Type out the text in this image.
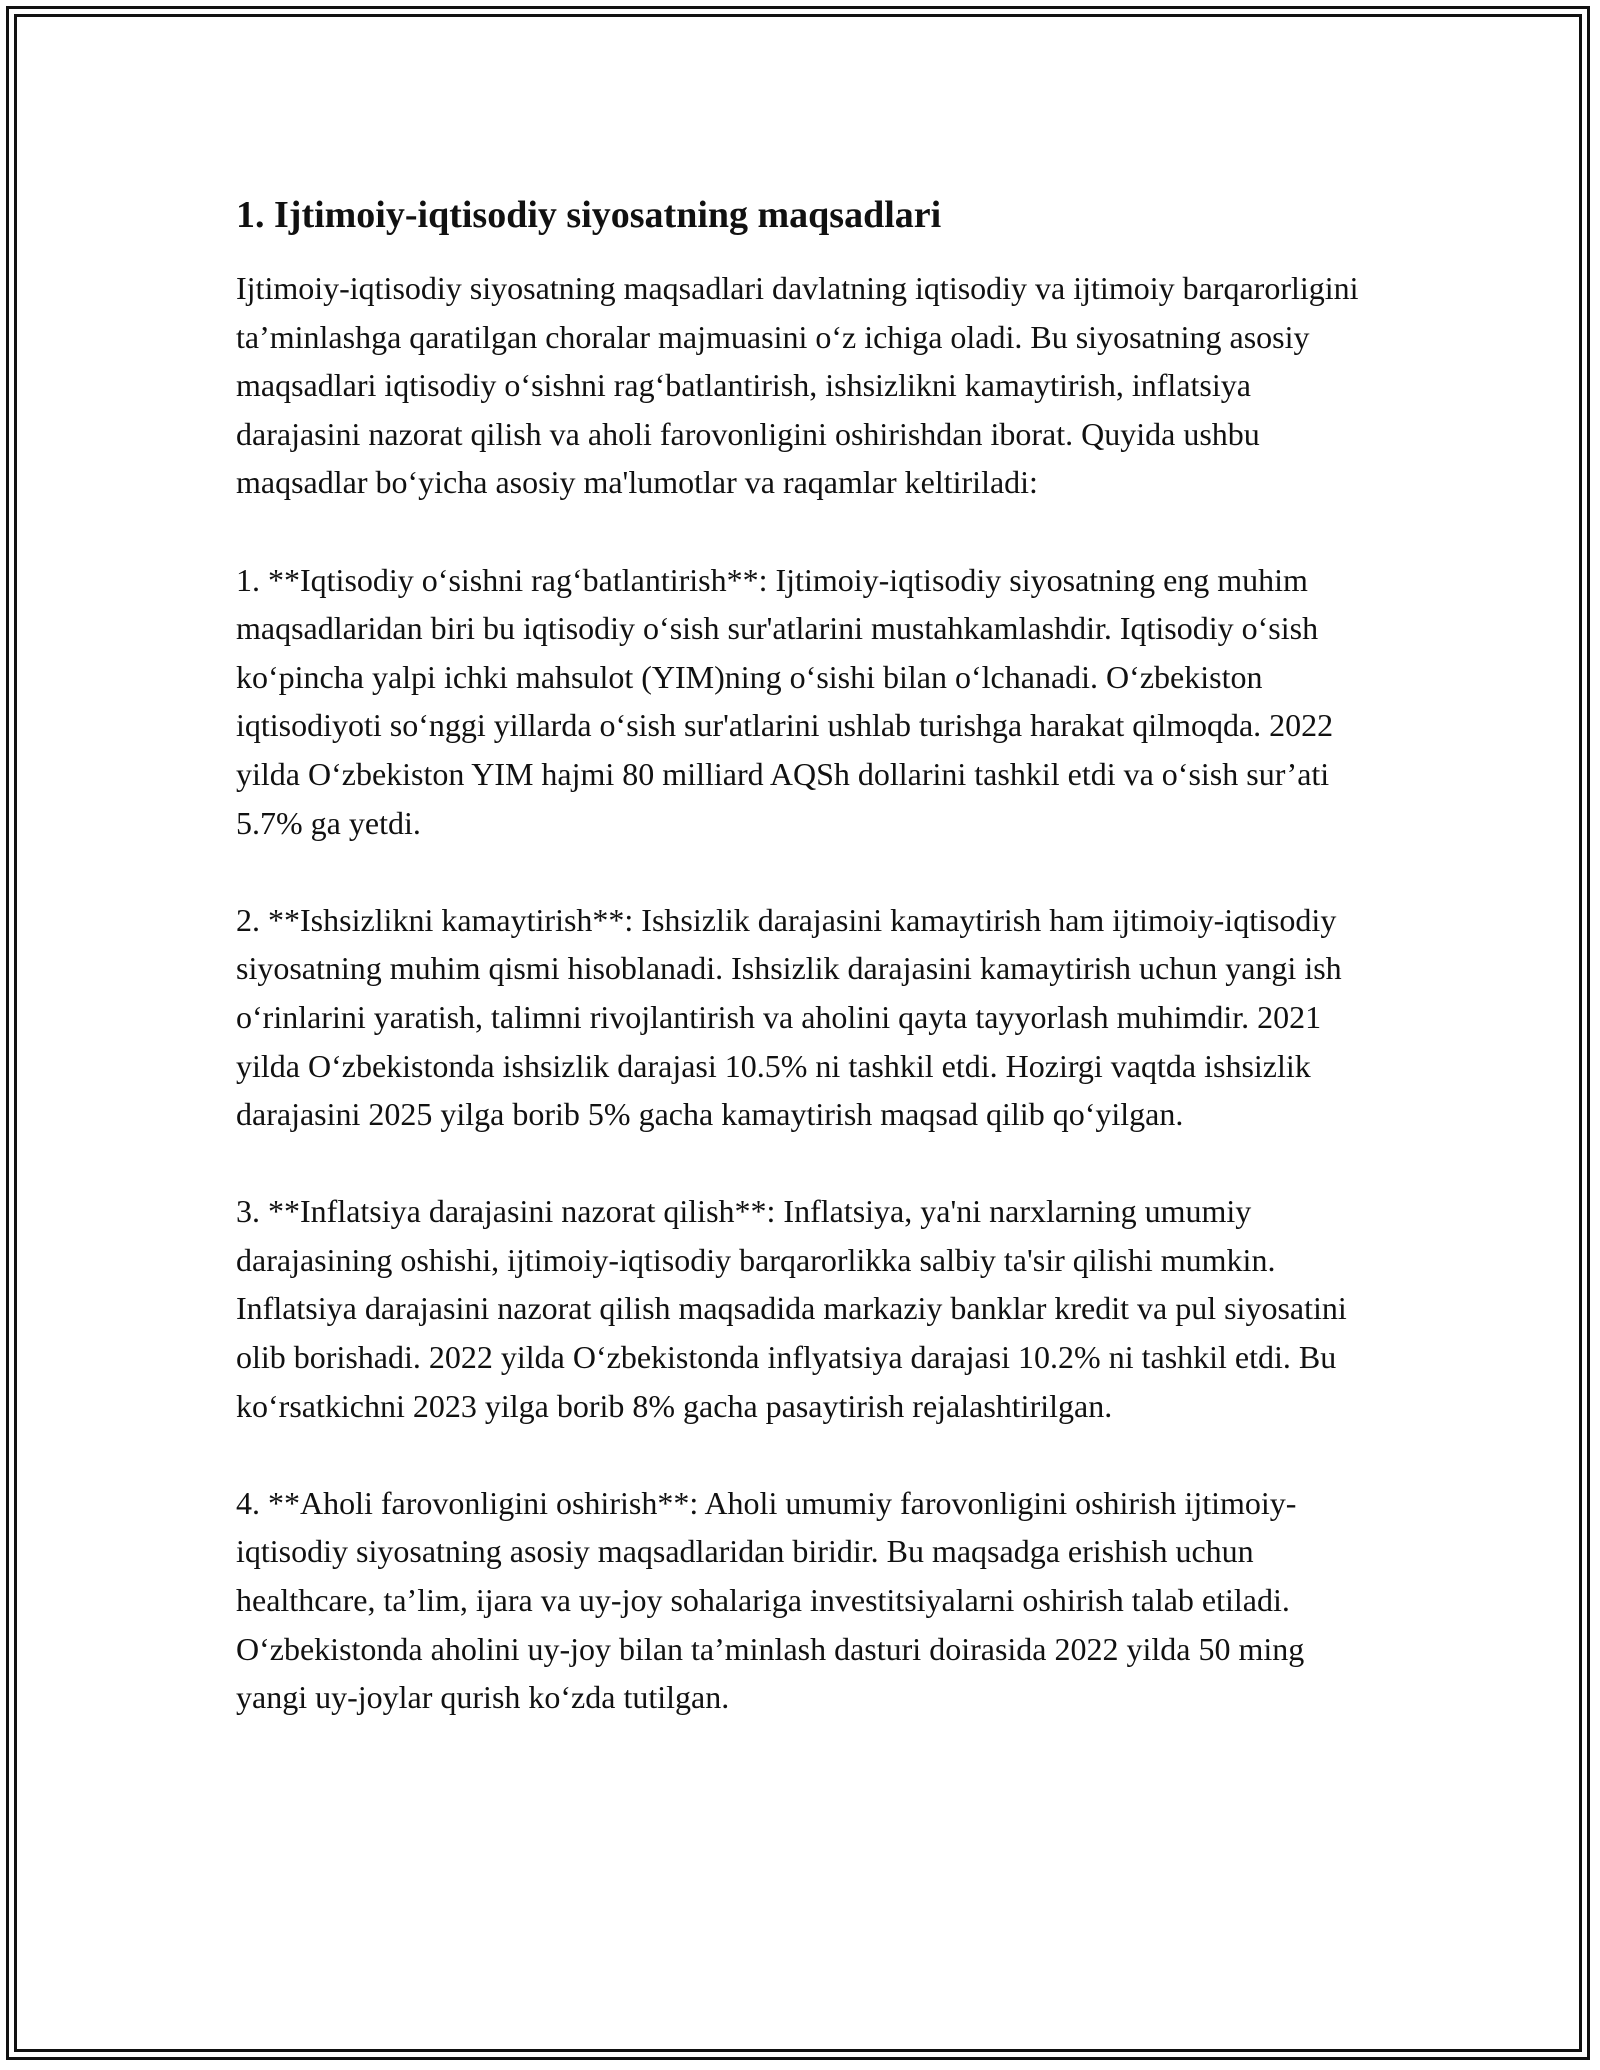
1. Ijtimoiy-iqtisodiy siyosatning maqsadlari

Ijtimoiy-iqtisodiy siyosatning maqsadlari davlatning iqtisodiy va ijtimoiy barqarorligini ta’minlashga qaratilgan choralar majmuasini o‘z ichiga oladi. Bu siyosatning asosiy maqsadlari iqtisodiy o‘sishni rag‘batlantirish, ishsizlikni kamaytirish, inflatsiya darajasini nazorat qilish va aholi farovonligini oshirishdan iborat. Quyida ushbu maqsadlar bo‘yicha asosiy ma'lumotlar va raqamlar keltiriladi:

1. **Iqtisodiy o‘sishni rag‘batlantirish**: Ijtimoiy-iqtisodiy siyosatning eng muhim maqsadlaridan biri bu iqtisodiy o‘sish sur'atlarini mustahkamlashdir. Iqtisodiy o‘sish ko‘pincha yalpi ichki mahsulot (YIM)ning o‘sishi bilan o‘lchanadi. O‘zbekiston iqtisodiyoti so‘nggi yillarda o‘sish sur'atlarini ushlab turishga harakat qilmoqda. 2022 yilda O‘zbekiston YIM hajmi 80 milliard AQSh dollarini tashkil etdi va o‘sish sur’ati 5.7% ga yetdi.

2. **Ishsizlikni kamaytirish**: Ishsizlik darajasini kamaytirish ham ijtimoiy-iqtisodiy siyosatning muhim qismi hisoblanadi. Ishsizlik darajasini kamaytirish uchun yangi ish o‘rinlarini yaratish, talimni rivojlantirish va aholini qayta tayyorlash muhimdir. 2021 yilda O‘zbekistonda ishsizlik darajasi 10.5% ni tashkil etdi. Hozirgi vaqtda ishsizlik darajasini 2025 yilga borib 5% gacha kamaytirish maqsad qilib qo‘yilgan.

3. **Inflatsiya darajasini nazorat qilish**: Inflatsiya, ya'ni narxlarning umumiy darajasining oshishi, ijtimoiy-iqtisodiy barqarorlikka salbiy ta'sir qilishi mumkin. Inflatsiya darajasini nazorat qilish maqsadida markaziy banklar kredit va pul siyosatini olib borishadi. 2022 yilda O‘zbekistonda inflyatsiya darajasi 10.2% ni tashkil etdi. Bu ko‘rsatkichni 2023 yilga borib 8% gacha pasaytirish rejalashtirilgan.

4. **Aholi farovonligini oshirish**: Aholi umumiy farovonligini oshirish ijtimoiy-iqtisodiy siyosatning asosiy maqsadlaridan biridir. Bu maqsadga erishish uchun healthcare, ta’lim, ijara va uy-joy sohalariga investitsiyalarni oshirish talab etiladi. O‘zbekistonda aholini uy-joy bilan ta’minlash dasturi doirasida 2022 yilda 50 ming yangi uy-joylar qurish ko‘zda tutilgan.
